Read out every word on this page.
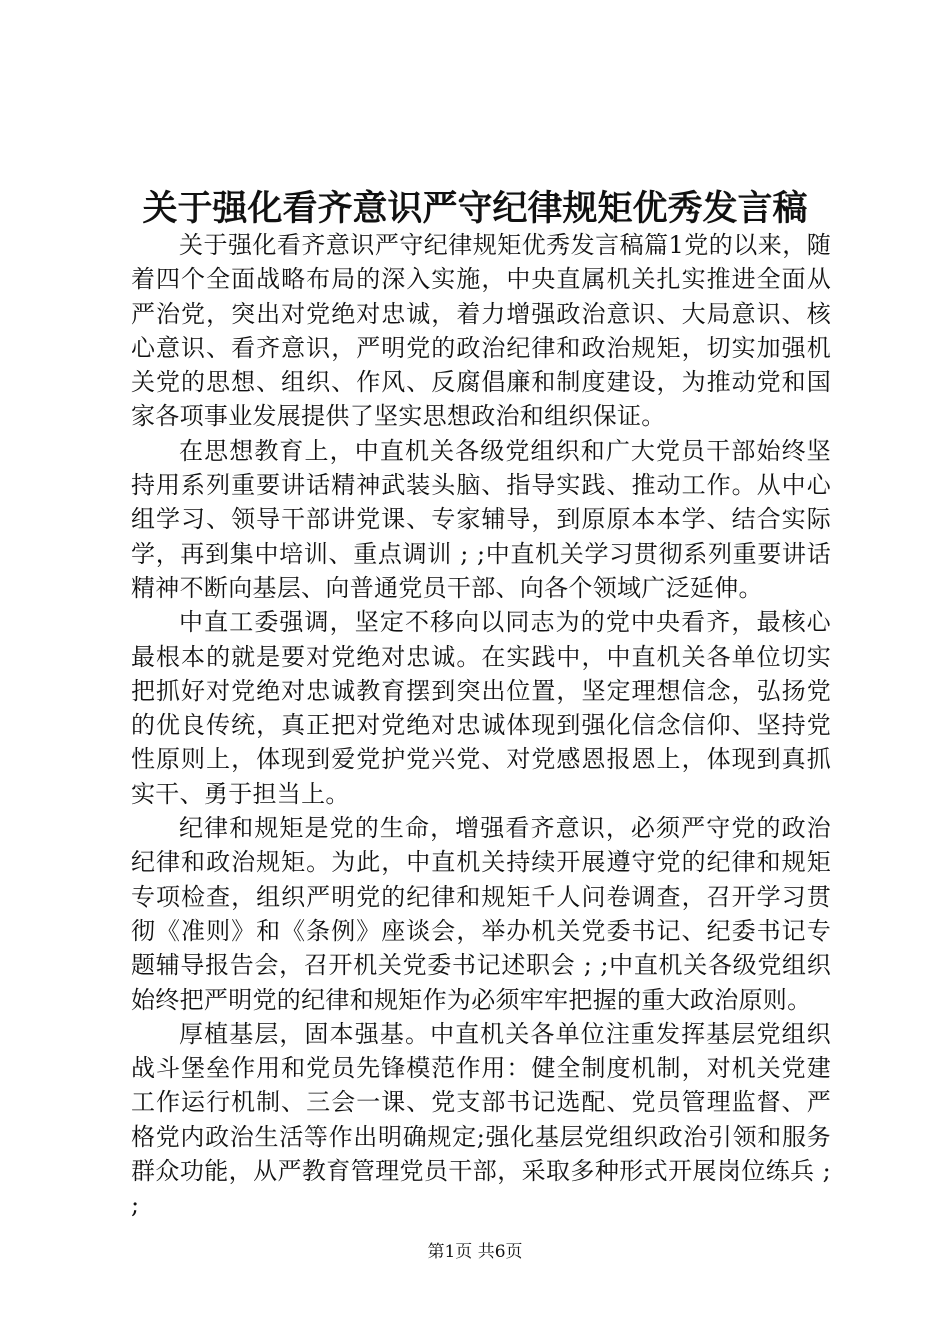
关于强化看齐意识严守纪律规矩优秀发言稿

关于强化看齐意识严守纪律规矩优秀发言稿篇1党的以来，随着四个全面战略布局的深入实施，中央直属机关扎实推进全面从严治党，突出对党绝对忠诚，着力增强政治意识、大局意识、核心意识、看齐意识，严明党的政治纪律和政治规矩，切实加强机关党的思想、组织、作风、反腐倡廉和制度建设，为推动党和国家各项事业发展提供了坚实思想政治和组织保证。

在思想教育上，中直机关各级党组织和广大党员干部始终坚持用系列重要讲话精神武装头脑、指导实践、推动工作。从中心组学习、领导干部讲党课、专家辅导，到原原本本学、结合实际学，再到集中培训、重点调训 ; ;中直机关学习贯彻系列重要讲话精神不断向基层、向普通党员干部、向各个领域广泛延伸。

中直工委强调，坚定不移向以同志为的党中央看齐，最核心最根本的就是要对党绝对忠诚。在实践中，中直机关各单位切实把抓好对党绝对忠诚教育摆到突出位置，坚定理想信念，弘扬党的优良传统，真正把对党绝对忠诚体现到强化信念信仰、坚持党性原则上，体现到爱党护党兴党、对党感恩报恩上，体现到真抓实干、勇于担当上。

纪律和规矩是党的生命，增强看齐意识，必须严守党的政治纪律和政治规矩。为此，中直机关持续开展遵守党的纪律和规矩专项检查，组织严明党的纪律和规矩千人问卷调查，召开学习贯彻《准则》和《条例》座谈会，举办机关党委书记、纪委书记专题辅导报告会，召开机关党委书记述职会 ; ;中直机关各级党组织始终把严明党的纪律和规矩作为必须牢牢把握的重大政治原则。

厚植基层，固本强基。中直机关各单位注重发挥基层党组织战斗堡垒作用和党员先锋模范作用：健全制度机制，对机关党建工作运行机制、三会一课、党支部书记选配、党员管理监督、严格党内政治生活等作出明确规定;强化基层党组织政治引领和服务群众功能，从严教育管理党员干部，采取多种形式开展岗位练兵 ; ;

第1页 共6页
